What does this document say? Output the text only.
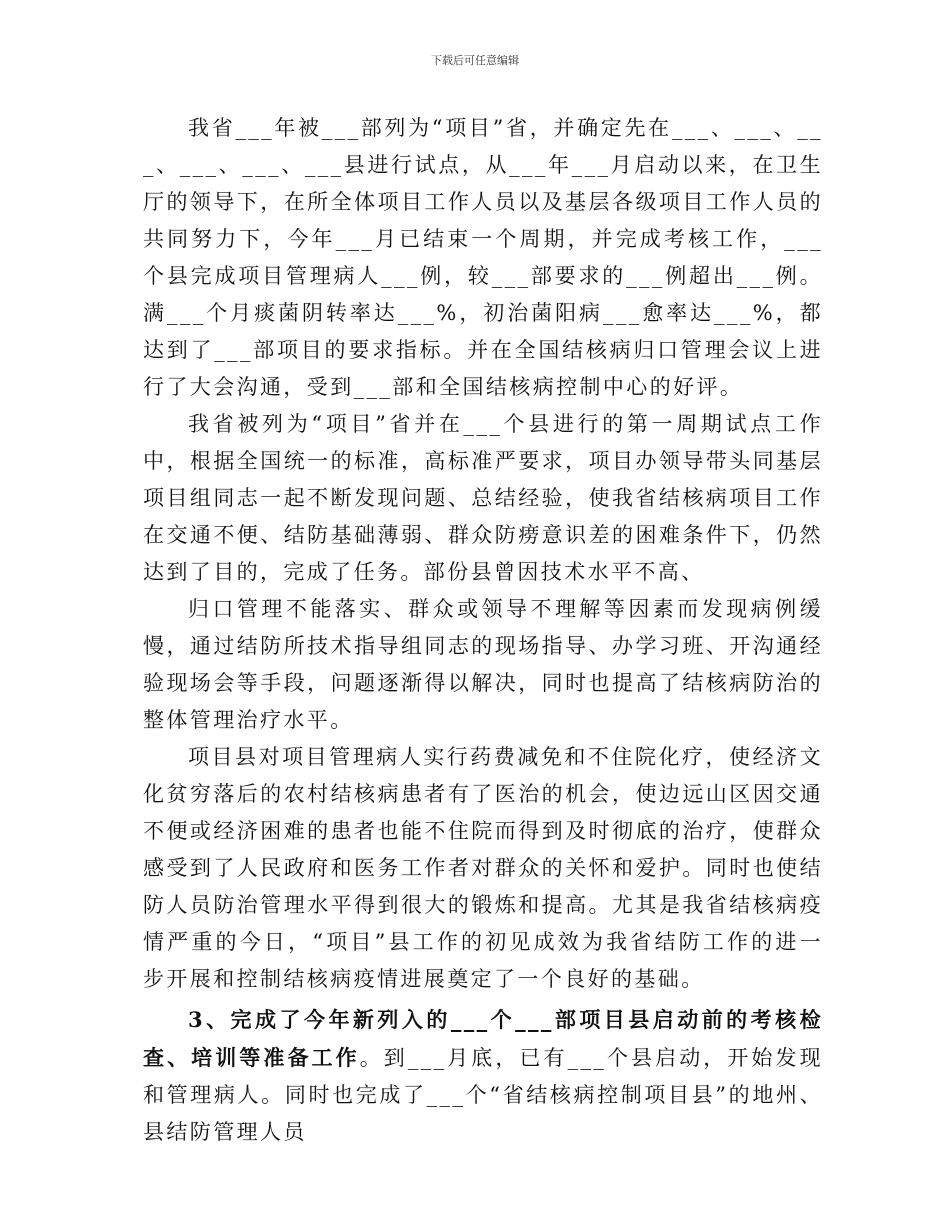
下载后可任意编辑

我省___年被___部列为“项目”省，并确定先在___、___、___、___、___、___县进行试点，从___年___月启动以来，在卫生厅的领导下，在所全体项目工作人员以及基层各级项目工作人员的共同努力下，今年___月已结束一个周期，并完成考核工作，___个县完成项目管理病人___例，较___部要求的___例超出___例。满___个月痰菌阴转率达___%，初治菌阳病___愈率达___%，都达到了___部项目的要求指标。并在全国结核病归口管理会议上进行了大会沟通，受到___部和全国结核病控制中心的好评。

我省被列为“项目”省并在___个县进行的第一周期试点工作中，根据全国统一的标准，高标准严要求，项目办领导带头同基层项目组同志一起不断发现问题、总结经验，使我省结核病项目工作在交通不便、结防基础薄弱、群众防痨意识差的困难条件下，仍然达到了目的，完成了任务。部份县曾因技术水平不高、

归口管理不能落实、群众或领导不理解等因素而发现病例缓慢，通过结防所技术指导组同志的现场指导、办学习班、开沟通经验现场会等手段，问题逐渐得以解决，同时也提高了结核病防治的整体管理治疗水平。

项目县对项目管理病人实行药费减免和不住院化疗，使经济文化贫穷落后的农村结核病患者有了医治的机会，使边远山区因交通不便或经济困难的患者也能不住院而得到及时彻底的治疗，使群众感受到了人民政府和医务工作者对群众的关怀和爱护。同时也使结防人员防治管理水平得到很大的锻炼和提高。尤其是我省结核病疫情严重的今日，“项目”县工作的初见成效为我省结防工作的进一步开展和控制结核病疫情进展奠定了一个良好的基础。

3、完成了今年新列入的___个___部项目县启动前的考核检查、培训等准备工作。到___月底，已有___个县启动，开始发现和管理病人。同时也完成了___个“省结核病控制项目县”的地州、县结防管理人员
